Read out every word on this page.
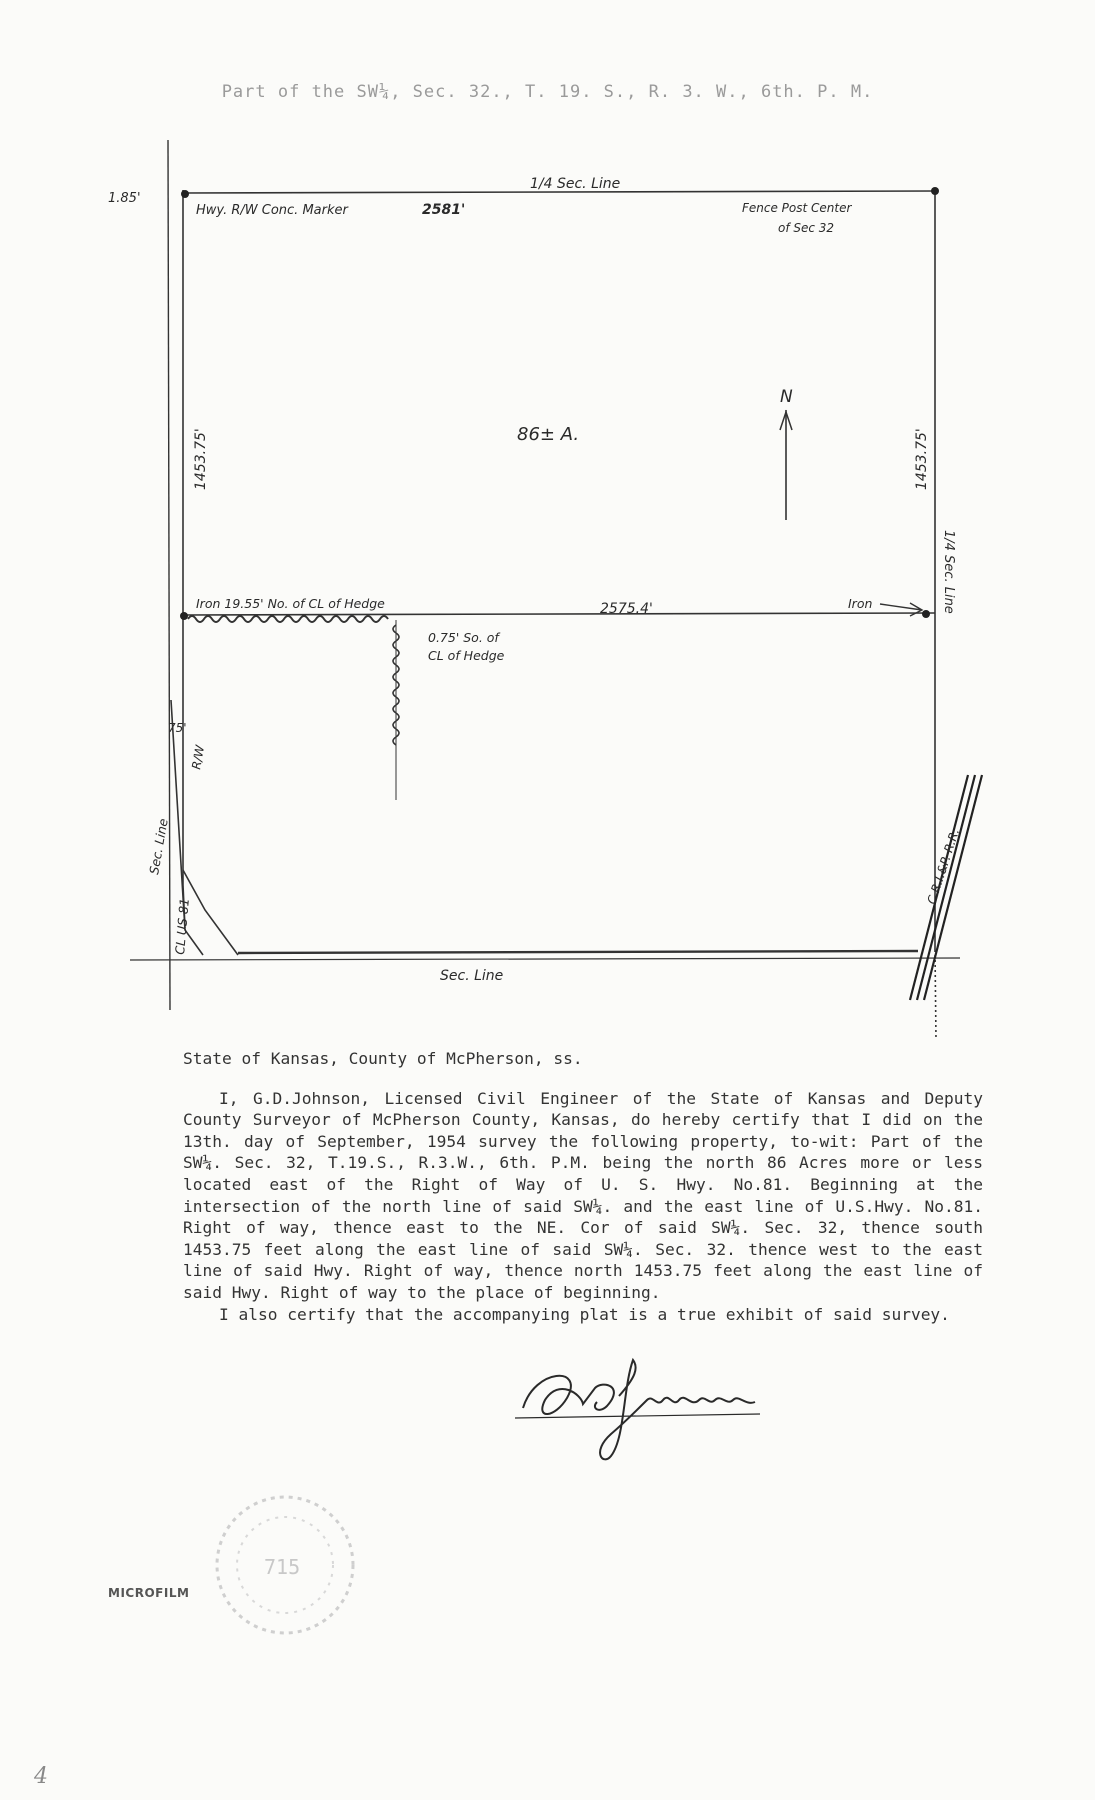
Part of the SW¼, Sec. 32., T. 19. S., R. 3. W., 6th. P. M.
1.85'
Hwy. R/W Conc. Marker	2581'
1/4 Sec. Line
Fence Post Center
of Sec 32
86± A.
N
1453.75'	1453.75'
Iron 19.55' No. of CL of Hedge	2575.4'	Iron
0.75' So. of
CL of Hedge
1/4 Sec. Line
75'
R/W
Sec. Line
CL US 81
C.R.I.&P. R.R.
Sec. Line

State of Kansas, County of McPherson, ss.

I, G.D.Johnson, Licensed Civil Engineer of the State of Kansas and Deputy County Surveyor of McPherson County, Kansas, do hereby certify that I did on the 13th. day of September, 1954 survey the following property, to-wit: Part of the SW¼. Sec. 32, T.19.S., R.3.W., 6th. P.M. being the north 86 Acres more or less located east of the Right of Way of U. S. Hwy. No.81. Beginning at the intersection of the north line of said SW¼. and the east line of U.S.Hwy. No.81. Right of way, thence east to the NE. Cor of said SW¼. Sec. 32, thence south 1453.75 feet along the east line of said SW¼. Sec. 32. thence west to the east line of said Hwy. Right of way, thence north 1453.75 feet along the east line of said Hwy. Right of way to the place of beginning.

I also certify that the accompanying plat is a true exhibit of said survey.

715
MICROFILM
4
